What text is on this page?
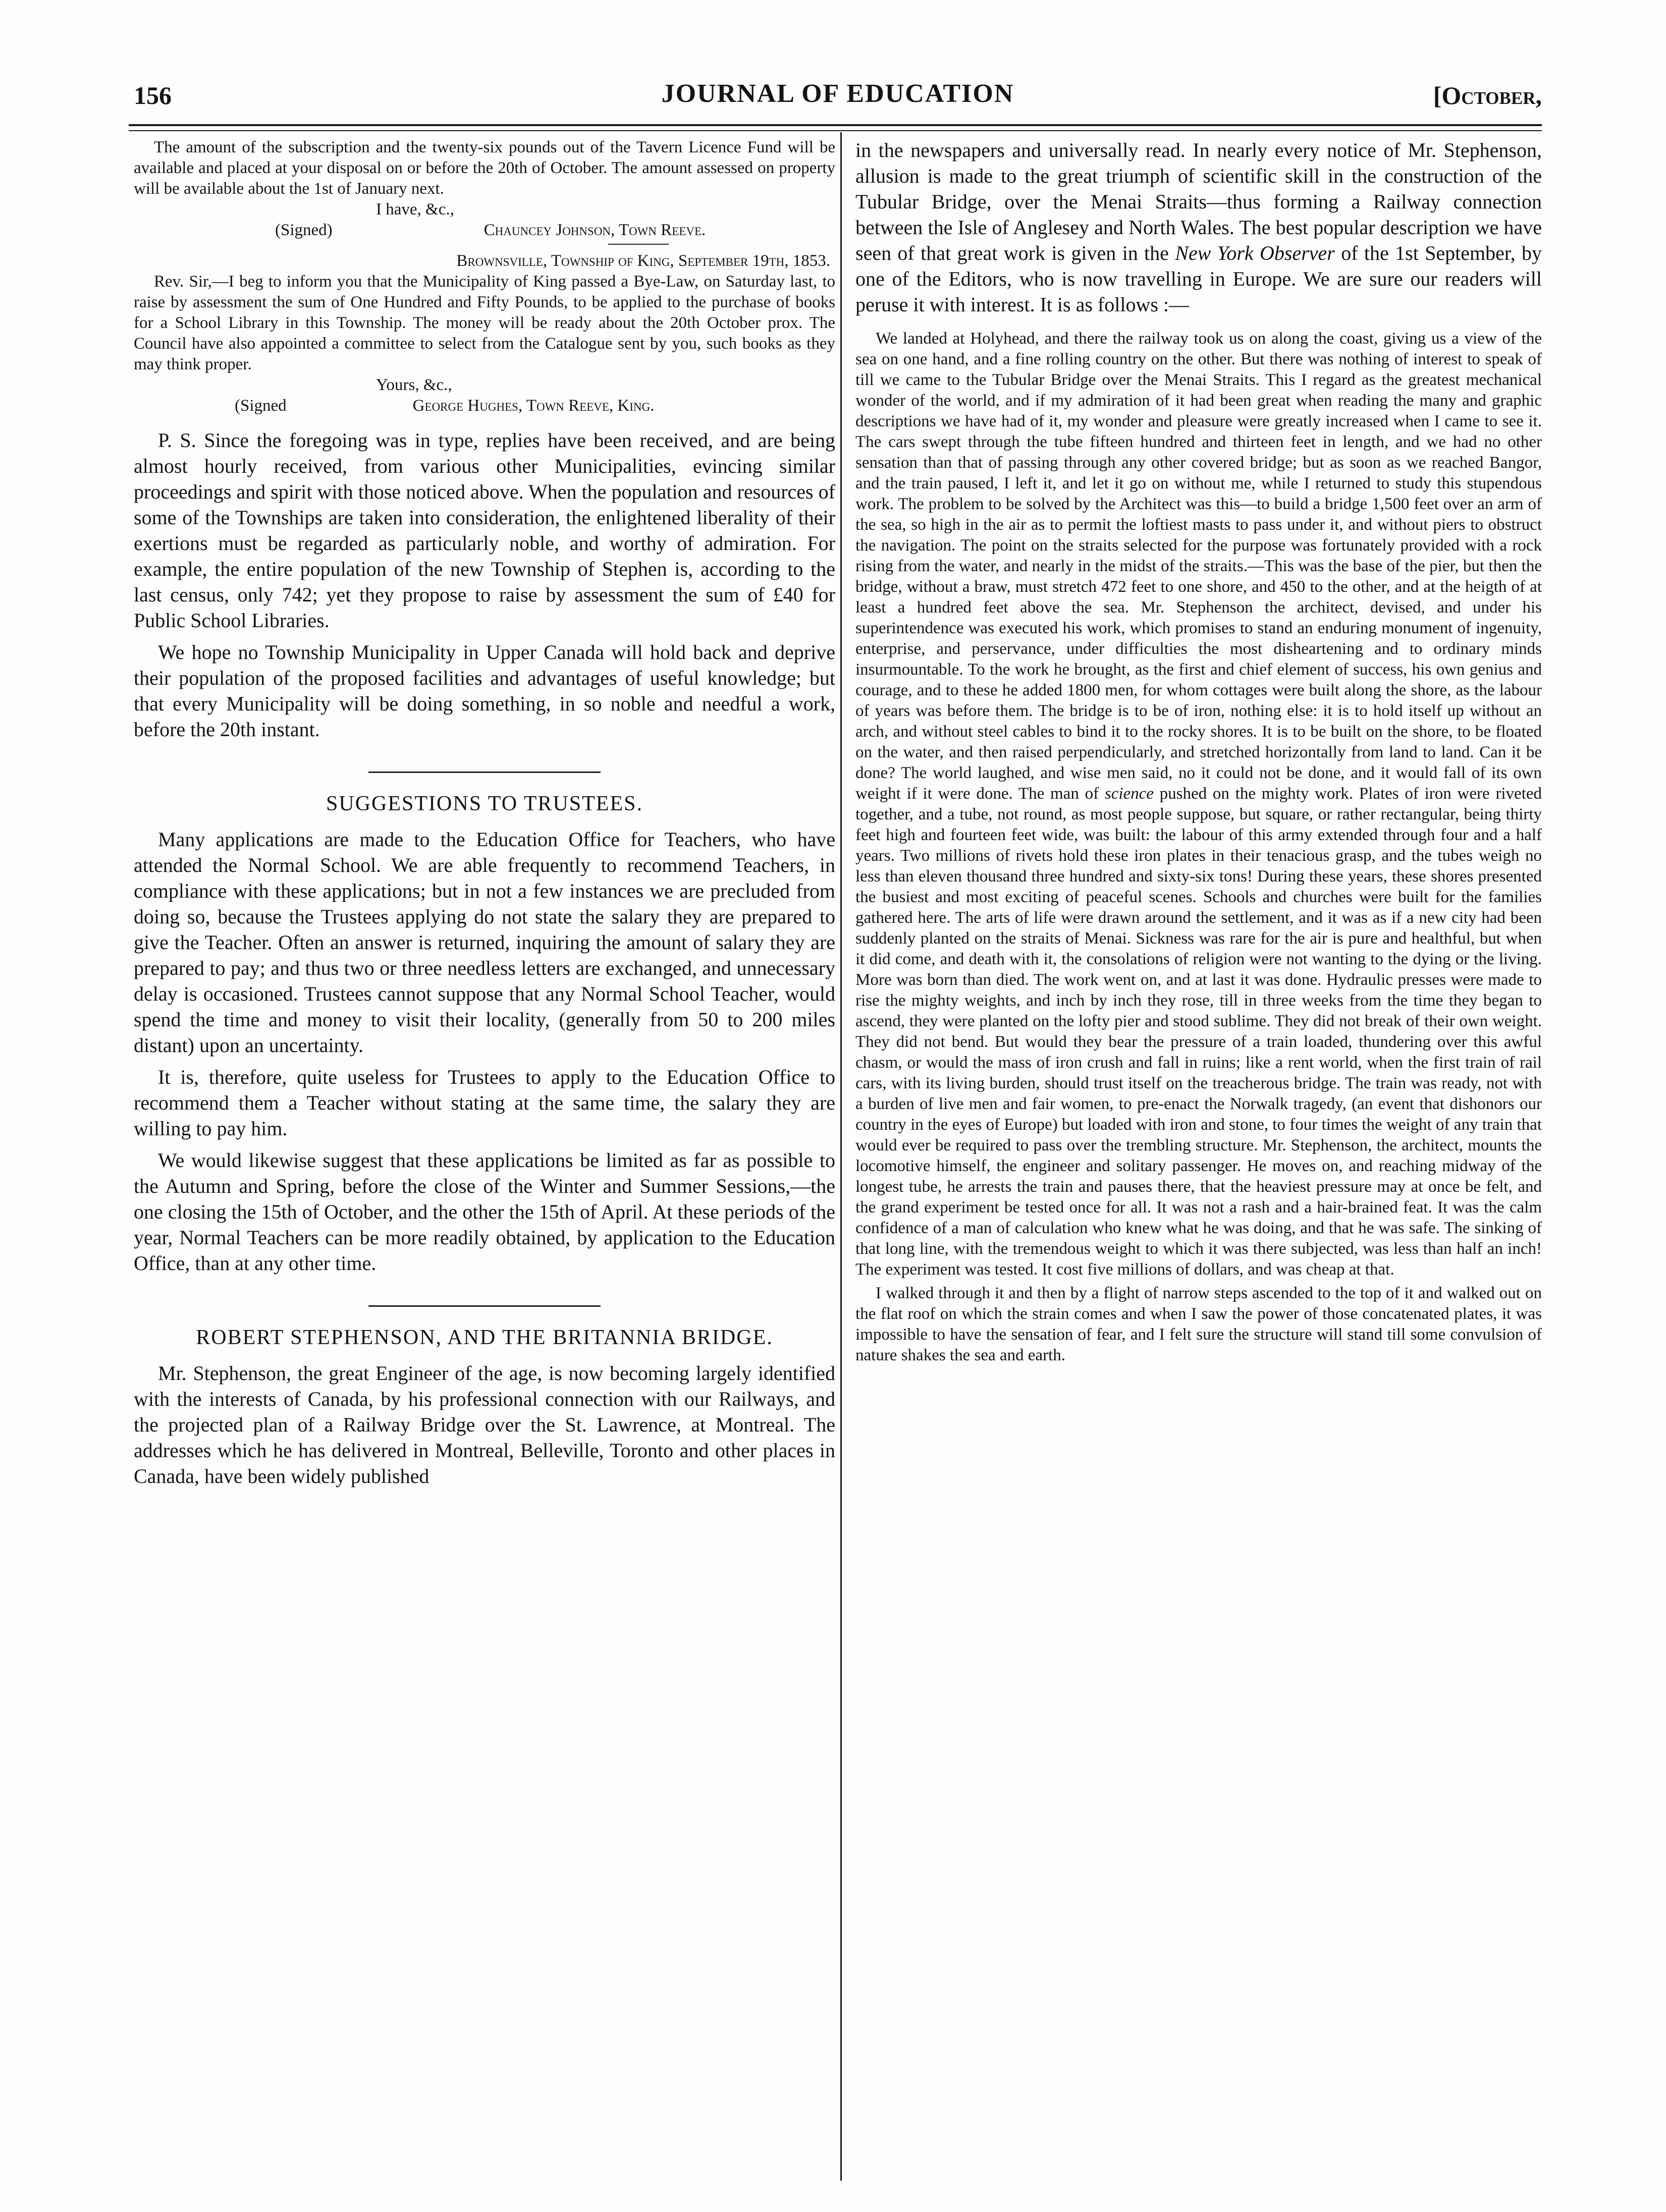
156	JOURNAL OF EDUCATION	[October,

The amount of the subscription and the twenty-six pounds out of the Tavern Licence Fund will be available and placed at your disposal on or before the 20th of October. The amount assessed on property will be available about the 1st of January next.

I have, &c.,
(Signed)	Chauncey Johnson, Town Reeve.
Brownsville, Township of King, September 19th, 1853.

Rev. Sir,—I beg to inform you that the Municipality of King passed a Bye-Law, on Saturday last, to raise by assessment the sum of One Hundred and Fifty Pounds, to be applied to the purchase of books for a School Library in this Township. The money will be ready about the 20th October prox. The Council have also appointed a committee to select from the Catalogue sent by you, such books as they may think proper.

Yours, &c.,
(Signed	George Hughes, Town Reeve, King.

P. S. Since the foregoing was in type, replies have been received, and are being almost hourly received, from various other Municipalities, evincing similar proceedings and spirit with those noticed above. When the population and resources of some of the Townships are taken into consideration, the enlightened liberality of their exertions must be regarded as particularly noble, and worthy of admiration. For example, the entire population of the new Township of Stephen is, according to the last census, only 742; yet they propose to raise by assessment the sum of £40 for Public School Libraries.

We hope no Township Municipality in Upper Canada will hold back and deprive their population of the proposed facilities and advantages of useful knowledge; but that every Municipality will be doing something, in so noble and needful a work, before the 20th instant.

SUGGESTIONS TO TRUSTEES.

Many applications are made to the Education Office for Teachers, who have attended the Normal School. We are able frequently to recommend Teachers, in compliance with these applications; but in not a few instances we are precluded from doing so, because the Trustees applying do not state the salary they are prepared to give the Teacher. Often an answer is returned, inquiring the amount of salary they are prepared to pay; and thus two or three needless letters are exchanged, and unnecessary delay is occasioned. Trustees cannot suppose that any Normal School Teacher, would spend the time and money to visit their locality, (generally from 50 to 200 miles distant) upon an uncertainty.

It is, therefore, quite useless for Trustees to apply to the Education Office to recommend them a Teacher without stating at the same time, the salary they are willing to pay him.

We would likewise suggest that these applications be limited as far as possible to the Autumn and Spring, before the close of the Winter and Summer Sessions,—the one closing the 15th of October, and the other the 15th of April. At these periods of the year, Normal Teachers can be more readily obtained, by application to the Education Office, than at any other time.

ROBERT STEPHENSON, AND THE BRITANNIA BRIDGE.

Mr. Stephenson, the great Engineer of the age, is now becoming largely identified with the interests of Canada, by his professional connection with our Railways, and the projected plan of a Railway Bridge over the St. Lawrence, at Montreal. The addresses which he has delivered in Montreal, Belleville, Toronto and other places in Canada, have been widely published

in the newspapers and universally read. In nearly every notice of Mr. Stephenson, allusion is made to the great triumph of scientific skill in the construction of the Tubular Bridge, over the Menai Straits—thus forming a Railway connection between the Isle of Anglesey and North Wales. The best popular description we have seen of that great work is given in the New York Observer of the 1st September, by one of the Editors, who is now travelling in Europe. We are sure our readers will peruse it with interest. It is as follows :—

We landed at Holyhead, and there the railway took us on along the coast, giving us a view of the sea on one hand, and a fine rolling country on the other. But there was nothing of interest to speak of till we came to the Tubular Bridge over the Menai Straits. This I regard as the greatest mechanical wonder of the world, and if my admiration of it had been great when reading the many and graphic descriptions we have had of it, my wonder and pleasure were greatly increased when I came to see it. The cars swept through the tube fifteen hundred and thirteen feet in length, and we had no other sensation than that of passing through any other covered bridge; but as soon as we reached Bangor, and the train paused, I left it, and let it go on without me, while I returned to study this stupendous work. The problem to be solved by the Architect was this—to build a bridge 1,500 feet over an arm of the sea, so high in the air as to permit the loftiest masts to pass under it, and without piers to obstruct the navigation. The point on the straits selected for the purpose was fortunately provided with a rock rising from the water, and nearly in the midst of the straits.—This was the base of the pier, but then the bridge, without a braw, must stretch 472 feet to one shore, and 450 to the other, and at the heigth of at least a hundred feet above the sea. Mr. Stephenson the architect, devised, and under his superintendence was executed his work, which promises to stand an enduring monument of ingenuity, enterprise, and perservance, under difficulties the most disheartening and to ordinary minds insurmountable. To the work he brought, as the first and chief element of success, his own genius and courage, and to these he added 1800 men, for whom cottages were built along the shore, as the labour of years was before them. The bridge is to be of iron, nothing else: it is to hold itself up without an arch, and without steel cables to bind it to the rocky shores. It is to be built on the shore, to be floated on the water, and then raised perpendicularly, and stretched horizontally from land to land. Can it be done? The world laughed, and wise men said, no it could not be done, and it would fall of its own weight if it were done. The man of science pushed on the mighty work. Plates of iron were riveted together, and a tube, not round, as most people suppose, but square, or rather rectangular, being thirty feet high and fourteen feet wide, was built: the labour of this army extended through four and a half years. Two millions of rivets hold these iron plates in their tenacious grasp, and the tubes weigh no less than eleven thousand three hundred and sixty-six tons! During these years, these shores presented the busiest and most exciting of peaceful scenes. Schools and churches were built for the families gathered here. The arts of life were drawn around the settlement, and it was as if a new city had been suddenly planted on the straits of Menai. Sickness was rare for the air is pure and healthful, but when it did come, and death with it, the consolations of religion were not wanting to the dying or the living. More was born than died. The work went on, and at last it was done. Hydraulic presses were made to rise the mighty weights, and inch by inch they rose, till in three weeks from the time they began to ascend, they were planted on the lofty pier and stood sublime. They did not break of their own weight. They did not bend. But would they bear the pressure of a train loaded, thundering over this awful chasm, or would the mass of iron crush and fall in ruins; like a rent world, when the first train of rail cars, with its living burden, should trust itself on the treacherous bridge. The train was ready, not with a burden of live men and fair women, to pre-enact the Norwalk tragedy, (an event that dishonors our country in the eyes of Europe) but loaded with iron and stone, to four times the weight of any train that would ever be required to pass over the trembling structure. Mr. Stephenson, the architect, mounts the locomotive himself, the engineer and solitary passenger. He moves on, and reaching midway of the longest tube, he arrests the train and pauses there, that the heaviest pressure may at once be felt, and the grand experiment be tested once for all. It was not a rash and a hair-brained feat. It was the calm confidence of a man of calculation who knew what he was doing, and that he was safe. The sinking of that long line, with the tremendous weight to which it was there subjected, was less than half an inch! The experiment was tested. It cost five millions of dollars, and was cheap at that.

I walked through it and then by a flight of narrow steps ascended to the top of it and walked out on the flat roof on which the strain comes and when I saw the power of those concatenated plates, it was impossible to have the sensation of fear, and I felt sure the structure will stand till some convulsion of nature shakes the sea and earth.
